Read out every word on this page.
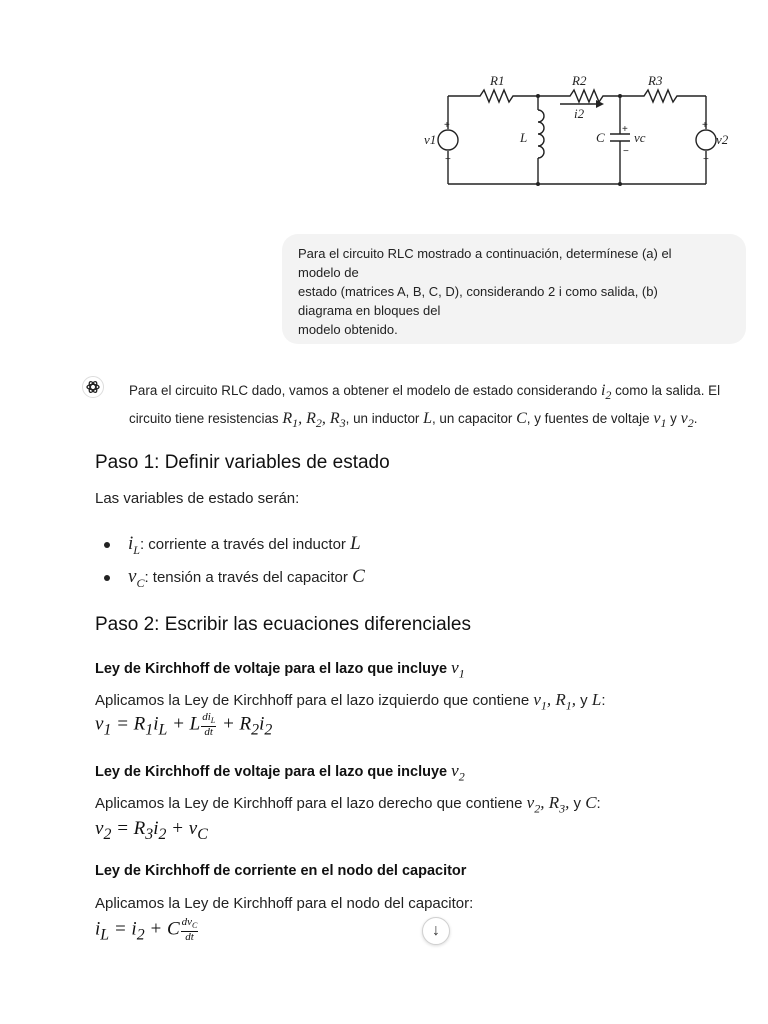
R1	R2	R3
L	C
v1	v2
vc
i2
+
−
+
−
+
−

Para el circuito RLC mostrado a continuación, determínese (a) el

modelo de

estado (matrices A, B, C, D), considerando 2 i como salida, (b)

diagrama en bloques del

modelo obtenido.

Para el circuito RLC dado, vamos a obtener el modelo de estado considerando $i_2$ como la salida. El
circuito tiene resistencias $R_1$, $R_2$, $R_3$, un inductor L, un capacitor C, y fuentes de voltaje $v_1$ y $v_2$.
Paso 1: Definir variables de estado

Las variables de estado serán:

$i_L$: corriente a través del inductor L
$v_C$: tensión a través del capacitor C
Paso 2: Escribir las ecuaciones diferenciales
Ley de Kirchhoff de voltaje para el lazo que incluye $v_1$

Aplicamos la Ley de Kirchhoff para el lazo izquierdo que contiene $v_1$, $R_1$, y L:

$v_1 = R_1i_L + L \frac{di_L}{dt} + R_2i_2$
Ley de Kirchhoff de voltaje para el lazo que incluye $v_2$

Aplicamos la Ley de Kirchhoff para el lazo derecho que contiene $v_2$, $R_3$, y C:

$v_2 = R_3i_2 + v_C$
Ley de Kirchhoff de corriente en el nodo del capacitor

Aplicamos la Ley de Kirchhoff para el nodo del capacitor:

$i_L = i_2 + C \frac{dv_C}{dt}$	↓
